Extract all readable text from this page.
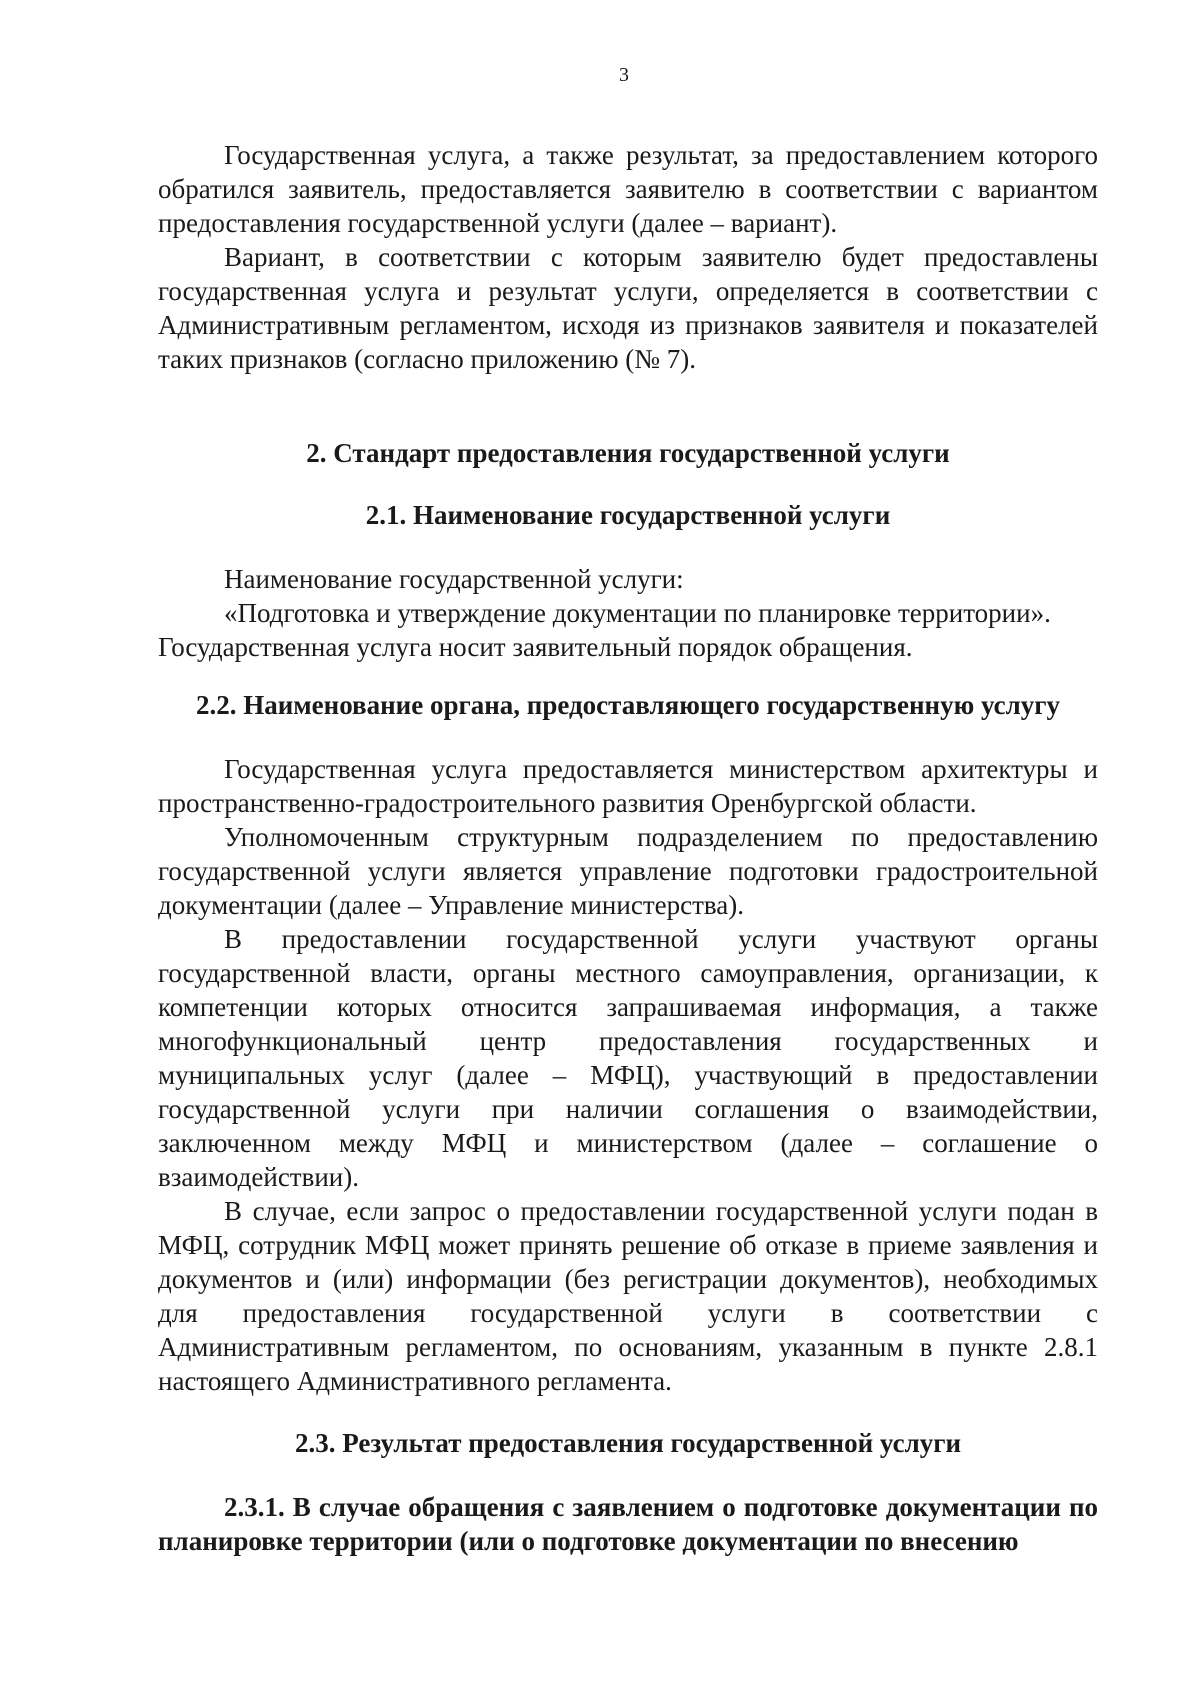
3

Государственная услуга, а также результат, за предоставлением которого обратился заявитель, предоставляется заявителю в соответствии с вариантом предоставления государственной услуги (далее – вариант).

Вариант, в соответствии с которым заявителю будет предоставлены государственная услуга и результат услуги, определяется в соответствии с Административным регламентом, исходя из признаков заявителя и показателей таких признаков (согласно приложению (№ 7).

2. Стандарт предоставления государственной услуги

2.1. Наименование государственной услуги

Наименование государственной услуги:

«Подготовка и утверждение документации по планировке территории».

Государственная услуга носит заявительный порядок обращения.

2.2. Наименование органа, предоставляющего государственную услугу

Государственная услуга предоставляется министерством архитектуры и пространственно-градостроительного развития Оренбургской области.

Уполномоченным структурным подразделением по предоставлению государственной услуги является управление подготовки градостроительной документации (далее – Управление министерства).

В предоставлении государственной услуги участвуют органы государственной власти, органы местного самоуправления, организации, к компетенции которых относится запрашиваемая информация, а также многофункциональный центр предоставления государственных и муниципальных услуг (далее – МФЦ), участвующий в предоставлении государственной услуги при наличии соглашения о взаимодействии, заключенном между МФЦ и министерством (далее – соглашение о взаимодействии).

В случае, если запрос о предоставлении государственной услуги подан в МФЦ, сотрудник МФЦ может принять решение об отказе в приеме заявления и документов и (или) информации (без регистрации документов), необходимых для предоставления государственной услуги в соответствии с Административным регламентом, по основаниям, указанным в пункте 2.8.1 настоящего Административного регламента.

2.3. Результат предоставления государственной услуги

2.3.1. В случае обращения с заявлением о подготовке документации по планировке территории (или о подготовке документации по внесению
